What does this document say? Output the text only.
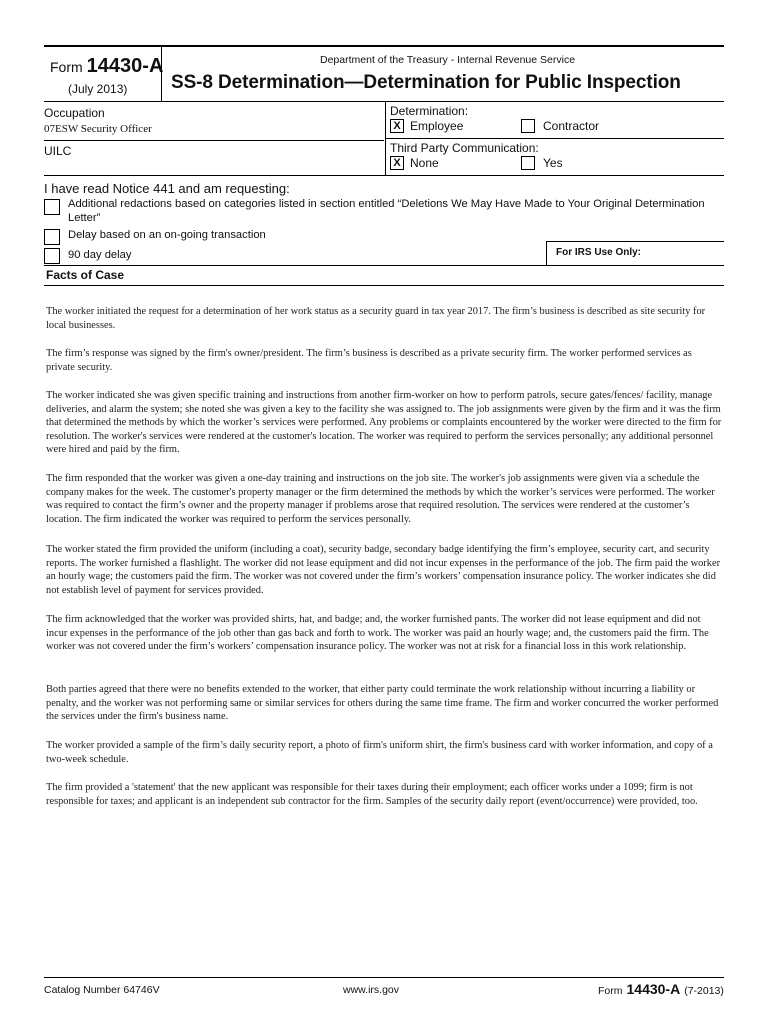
Form 14430-A
(July 2013)
Department of the Treasury - Internal Revenue Service
SS-8 Determination—Determination for Public Inspection
Occupation
07ESW Security Officer
UILC
Determination:
X Employee	Contractor
Third Party Communication:
X None	Yes
I have read Notice 441 and am requesting:
Additional redactions based on categories listed in section entitled “Deletions We May Have Made to Your Original Determination
Letter”
Delay based on an on-going transaction
90 day delay	For IRS Use Only:
Facts of Case

The worker initiated the request for a determination of her work status as a security guard in tax year 2017. The firm’s business is described as site security for local businesses.

The firm’s response was signed by the firm's owner/president. The firm’s business is described as a private security firm. The worker performed services as private security.

The worker indicated she was given specific training and instructions from another firm-worker on how to perform patrols, secure gates/fences/ facility, manage deliveries, and alarm the system; she noted she was given a key to the facility she was assigned to. The job assignments were given by the firm and it was the firm that determined the methods by which the worker’s services were performed. Any problems or complaints encountered by the worker were directed to the firm for resolution. The worker's services were rendered at the customer's location. The worker was required to perform the services personally; any additional personnel were hired and paid by the firm.

The firm responded that the worker was given a one-day training and instructions on the job site. The worker's job assignments were given via a schedule the company makes for the week. The customer's property manager or the firm determined the methods by which the worker’s services were performed. The worker was required to contact the firm’s owner and the property manager if problems arose that required resolution. The services were rendered at the customer’s location. The firm indicated the worker was required to perform the services personally.

The worker stated the firm provided the uniform (including a coat), security badge, secondary badge identifying the firm’s employee, security cart, and security reports. The worker furnished a flashlight. The worker did not lease equipment and did not incur expenses in the performance of the job. The firm paid the worker an hourly wage; the customers paid the firm. The worker was not covered under the firm’s workers’ compensation insurance policy. The worker indicates she did not establish level of payment for services provided.

The firm acknowledged that the worker was provided shirts, hat, and badge; and, the worker furnished pants. The worker did not lease equipment and did not incur expenses in the performance of the job other than gas back and forth to work. The worker was paid an hourly wage; and, the customers paid the firm. The worker was not covered under the firm’s workers’ compensation insurance policy. The worker was not at risk for a financial loss in this work relationship.

Both parties agreed that there were no benefits extended to the worker, that either party could terminate the work relationship without incurring a liability or penalty, and the worker was not performing same or similar services for others during the same time frame. The firm and worker concurred the worker performed the services under the firm's business name.

The worker provided a sample of the firm’s daily security report, a photo of firm's uniform shirt, the firm's business card with worker information, and copy of a two-week schedule.

The firm provided a 'statement' that the new applicant was responsible for their taxes during their employment; each officer works under a 1099; firm is not responsible for taxes; and applicant is an independent sub contractor for the firm. Samples of the security daily report (event/occurrence) were provided, too.

Catalog Number 64746V	www.irs.gov	Form 14430-A (7-2013)
